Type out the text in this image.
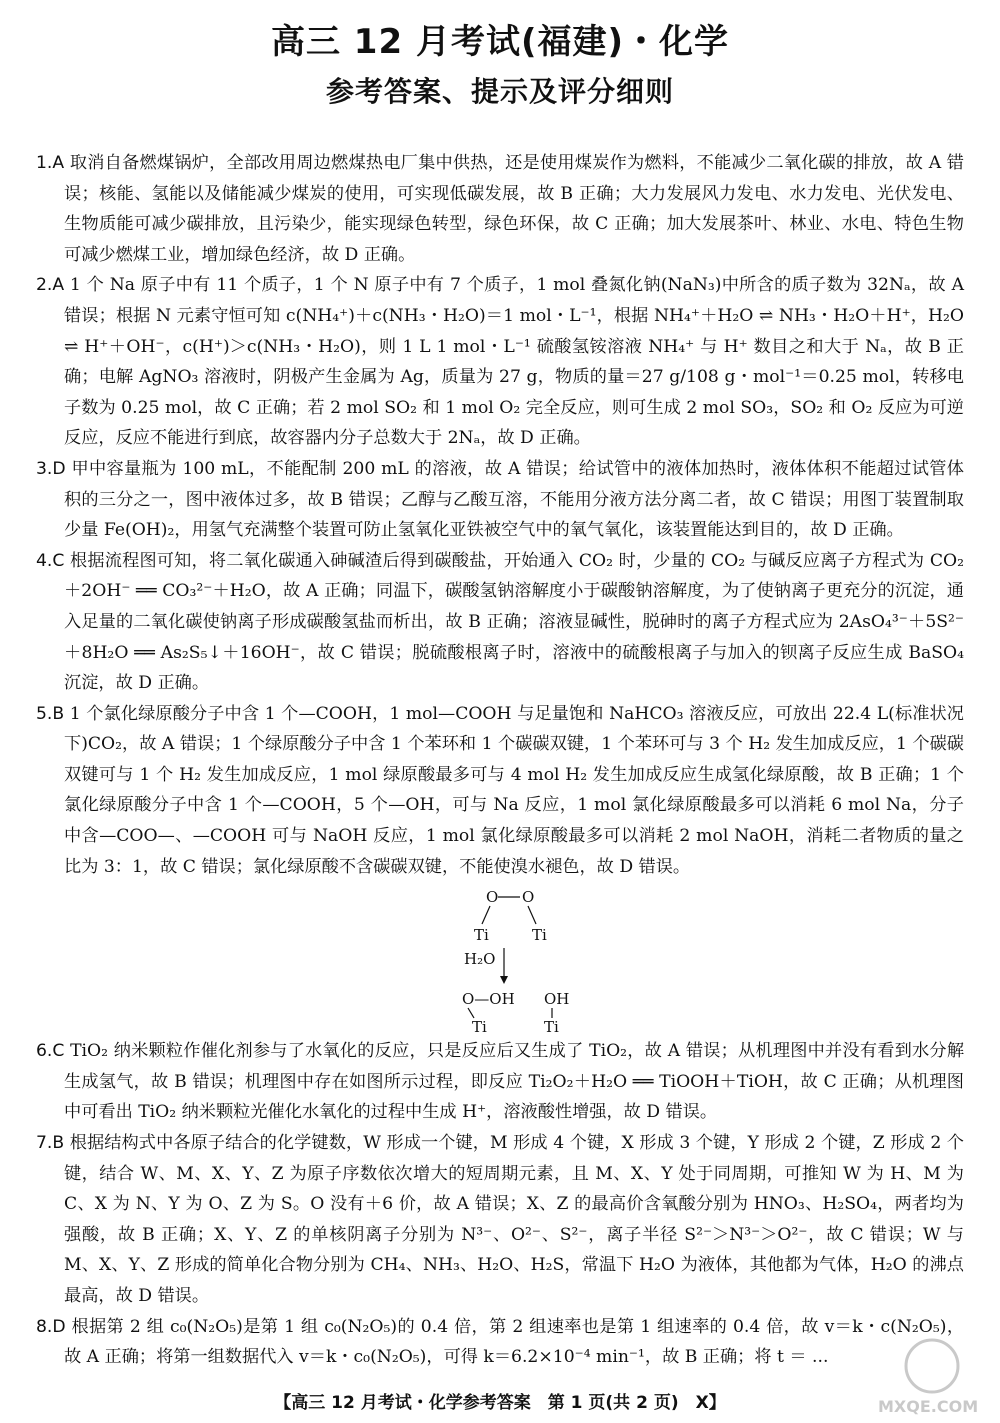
高三 12 月考试(福建)・化学
参考答案、提示及评分细则

1.A 取消自备燃煤锅炉，全部改用周边燃煤热电厂集中供热，还是使用煤炭作为燃料，不能减少二氧化碳的排放，故 A 错误；核能、氢能以及储能减少煤炭的使用，可实现低碳发展，故 B 正确；大力发展风力发电、水力发电、光伏发电、生物质能可减少碳排放，且污染少，能实现绿色转型，绿色环保，故 C 正确；加大发展茶叶、林业、水电、特色生物可减少燃煤工业，增加绿色经济，故 D 正确。

2.A 1 个 Na 原子中有 11 个质子，1 个 N 原子中有 7 个质子，1 mol 叠氮化钠(NaN₃)中所含的质子数为 32Nₐ，故 A 错误；根据 N 元素守恒可知 c(NH₄⁺)＋c(NH₃・H₂O)＝1 mol・L⁻¹，根据 NH₄⁺＋H₂O ⇌ NH₃・H₂O＋H⁺，H₂O ⇌ H⁺＋OH⁻，c(H⁺)＞c(NH₃・H₂O)，则 1 L 1 mol・L⁻¹ 硫酸氢铵溶液 NH₄⁺ 与 H⁺ 数目之和大于 Nₐ，故 B 正确；电解 AgNO₃ 溶液时，阴极产生金属为 Ag，质量为 27 g，物质的量＝27 g/108 g・mol⁻¹＝0.25 mol，转移电子数为 0.25 mol，故 C 正确；若 2 mol SO₂ 和 1 mol O₂ 完全反应，则可生成 2 mol SO₃，SO₂ 和 O₂ 反应为可逆反应，反应不能进行到底，故容器内分子总数大于 2Nₐ，故 D 正确。

3.D 甲中容量瓶为 100 mL，不能配制 200 mL 的溶液，故 A 错误；给试管中的液体加热时，液体体积不能超过试管体积的三分之一，图中液体过多，故 B 错误；乙醇与乙酸互溶，不能用分液方法分离二者，故 C 错误；用图丁装置制取少量 Fe(OH)₂，用氢气充满整个装置可防止氢氧化亚铁被空气中的氧气氧化，该装置能达到目的，故 D 正确。

4.C 根据流程图可知，将二氧化碳通入砷碱渣后得到碳酸盐，开始通入 CO₂ 时，少量的 CO₂ 与碱反应离子方程式为 CO₂＋2OH⁻ ══ CO₃²⁻＋H₂O，故 A 正确；同温下，碳酸氢钠溶解度小于碳酸钠溶解度，为了使钠离子更充分的沉淀，通入足量的二氧化碳使钠离子形成碳酸氢盐而析出，故 B 正确；溶液显碱性，脱砷时的离子方程式应为 2AsO₄³⁻＋5S²⁻＋8H₂O ══ As₂S₅↓＋16OH⁻，故 C 错误；脱硫酸根离子时，溶液中的硫酸根离子与加入的钡离子反应生成 BaSO₄ 沉淀，故 D 正确。

5.B 1 个氯化绿原酸分子中含 1 个—COOH，1 mol—COOH 与足量饱和 NaHCO₃ 溶液反应，可放出 22.4 L(标准状况下)CO₂，故 A 错误；1 个绿原酸分子中含 1 个苯环和 1 个碳碳双键，1 个苯环可与 3 个 H₂ 发生加成反应，1 个碳碳双键可与 1 个 H₂ 发生加成反应，1 mol 绿原酸最多可与 4 mol H₂ 发生加成反应生成氢化绿原酸，故 B 正确；1 个氯化绿原酸分子中含 1 个—COOH，5 个—OH，可与 Na 反应，1 mol 氯化绿原酸最多可以消耗 6 mol Na，分子中含—COO—、—COOH 可与 NaOH 反应，1 mol 氯化绿原酸最多可以消耗 2 mol NaOH，消耗二者物质的量之比为 3：1，故 C 错误；氯化绿原酸不含碳碳双键，不能使溴水褪色，故 D 错误。

O O
Ti	Ti
H₂O
O—OH OH
Ti	Ti

6.C TiO₂ 纳米颗粒作催化剂参与了水氧化的反应，只是反应后又生成了 TiO₂，故 A 错误；从机理图中并没有看到水分解生成氢气，故 B 错误；机理图中存在如图所示过程，即反应 Ti₂O₂＋H₂O ══ TiOOH＋TiOH，故 C 正确；从机理图中可看出 TiO₂ 纳米颗粒光催化水氧化的过程中生成 H⁺，溶液酸性增强，故 D 错误。

7.B 根据结构式中各原子结合的化学键数，W 形成一个键，M 形成 4 个键，X 形成 3 个键，Y 形成 2 个键，Z 形成 2 个键，结合 W、M、X、Y、Z 为原子序数依次增大的短周期元素，且 M、X、Y 处于同周期，可推知 W 为 H、M 为 C、X 为 N、Y 为 O、Z 为 S。O 没有＋6 价，故 A 错误；X、Z 的最高价含氧酸分别为 HNO₃、H₂SO₄，两者均为强酸，故 B 正确；X、Y、Z 的单核阴离子分别为 N³⁻、O²⁻、S²⁻，离子半径 S²⁻＞N³⁻＞O²⁻，故 C 错误；W 与 M、X、Y、Z 形成的简单化合物分别为 CH₄、NH₃、H₂O、H₂S，常温下 H₂O 为液体，其他都为气体，H₂O 的沸点最高，故 D 错误。

8.D 根据第 2 组 c₀(N₂O₅)是第 1 组 c₀(N₂O₅)的 0.4 倍，第 2 组速率也是第 1 组速率的 0.4 倍，故 v＝k・c(N₂O₅)，故 A 正确；将第一组数据代入 v＝k・c₀(N₂O₅)，可得 k＝6.2×10⁻⁴ min⁻¹，故 B 正确；将 t ＝ ...

MXQE.COM
【高三 12 月考试・化学参考答案　第 1 页(共 2 页)　X】
